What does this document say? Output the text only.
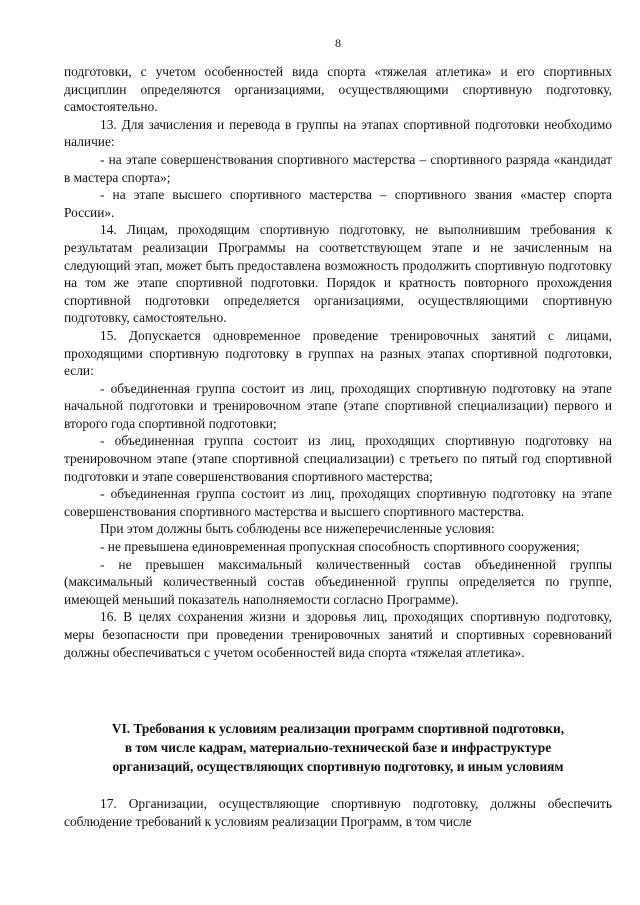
8

подготовки, с учетом особенностей вида спорта «тяжелая атлетика» и его спортивных дисциплин определяются организациями, осуществляющими спортивную подготовку, самостоятельно.

13. Для зачисления и перевода в группы на этапах спортивной подготовки необходимо наличие:

- на этапе совершенствования спортивного мастерства – спортивного разряда «кандидат в мастера спорта»;

- на этапе высшего спортивного мастерства – спортивного звания «мастер спорта России».

14. Лицам, проходящим спортивную подготовку, не выполнившим требования к результатам реализации Программы на соответствующем этапе и не зачисленным на следующий этап, может быть предоставлена возможность продолжить спортивную подготовку на том же этапе спортивной подготовки. Порядок и кратность повторного прохождения спортивной подготовки определяется организациями, осуществляющими спортивную подготовку, самостоятельно.

15. Допускается одновременное проведение тренировочных занятий с лицами, проходящими спортивную подготовку в группах на разных этапах спортивной подготовки, если:

- объединенная группа состоит из лиц, проходящих спортивную подготовку на этапе начальной подготовки и тренировочном этапе (этапе спортивной специализации) первого и второго года спортивной подготовки;

- объединенная группа состоит из лиц, проходящих спортивную подготовку на тренировочном этапе (этапе спортивной специализации) с третьего по пятый год спортивной подготовки и этапе совершенствования спортивного мастерства;

- объединенная группа состоит из лиц, проходящих спортивную подготовку на этапе совершенствования спортивного мастерства и высшего спортивного мастерства.

При этом должны быть соблюдены все нижеперечисленные условия:

- не превышена единовременная пропускная способность спортивного сооружения;

- не превышен максимальный количественный состав объединенной группы (максимальный количественный состав объединенной группы определяется по группе, имеющей меньший показатель наполняемости согласно Программе).

16. В целях сохранения жизни и здоровья лиц, проходящих спортивную подготовку, меры безопасности при проведении тренировочных занятий и спортивных соревнований должны обеспечиваться с учетом особенностей вида спорта «тяжелая атлетика».

VI. Требования к условиям реализации программ спортивной подготовки,
в том числе кадрам, материально-технической базе и инфраструктуре
организаций, осуществляющих спортивную подготовку, и иным условиям

17. Организации, осуществляющие спортивную подготовку, должны обеспечить соблюдение требований к условиям реализации Программ, в том числе
